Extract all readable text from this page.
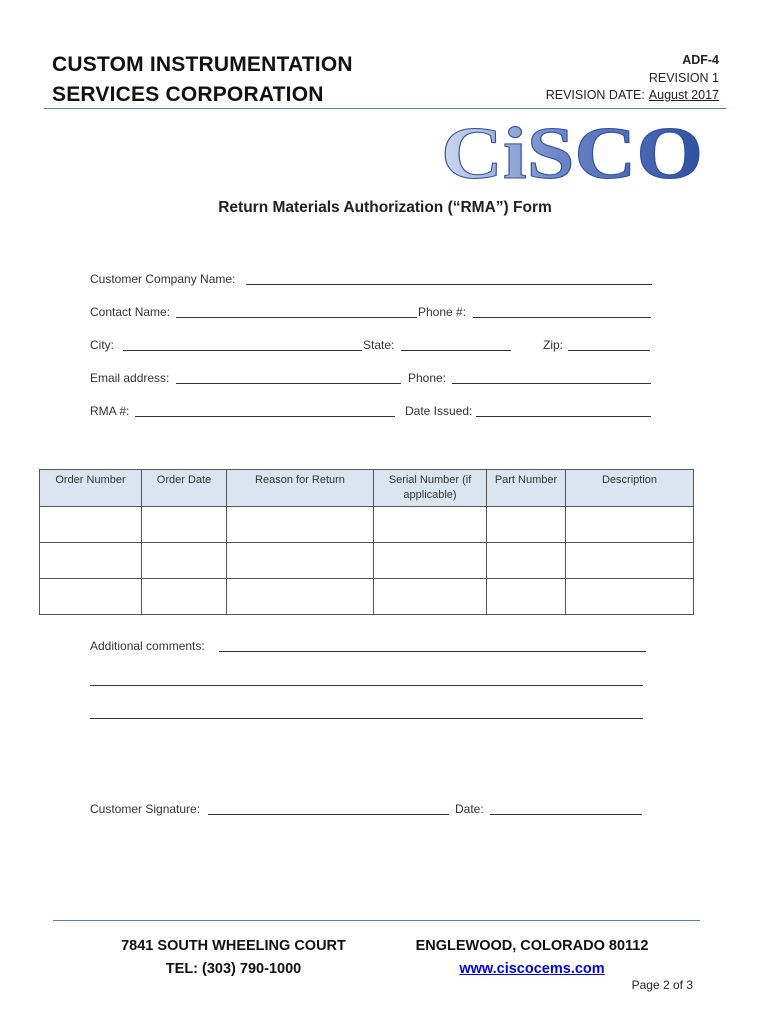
CUSTOM INSTRUMENTATION
SERVICES CORPORATION
ADF-4
REVISION 1
REVISION DATE: August 2017
CiSCO
Return Materials Authorization (“RMA”) Form
Customer Company Name:
Contact Name:	Phone #:
City:	State:	Zip:
Email address:	Phone:
RMA #:	Date Issued:
Order Number	Order Date	Reason for Return	Serial Number (if applicable)	Part Number	Description

Additional comments:
Customer Signature:	Date:
7841 SOUTH WHEELING COURT
TEL: (303) 790-1000
ENGLEWOOD, COLORADO 80112
www.ciscocems.com
Page 2 of 3
